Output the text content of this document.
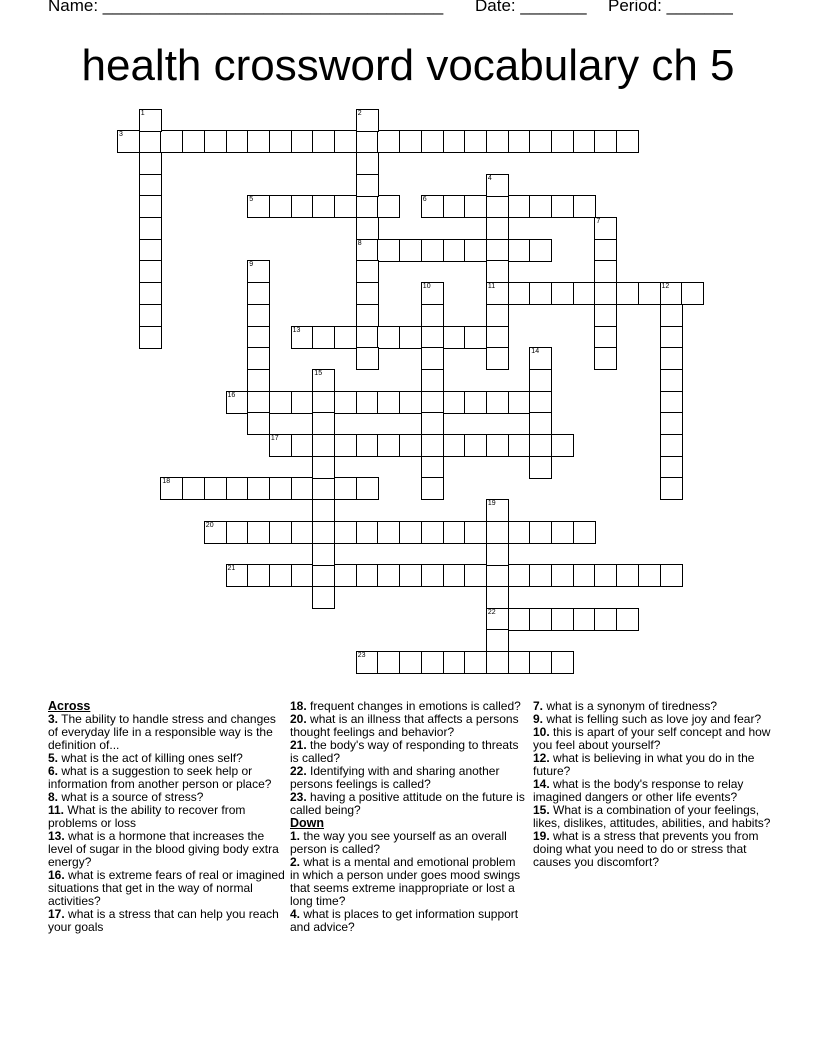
Name: ____________________________________ Date: _______ Period: _______
health crossword vocabulary ch 5
3
5	6
8
11	12
13
16
17
18
20
21
22
23
1	2
4
7
9
10
14
15
19

Across

3. The ability to handle stress and changes of everyday life in a responsible way is the definition of...

5. what is the act of killing ones self?

6. what is a suggestion to seek help or information from another person or place?

8. what is a source of stress?

11. What is the ability to recover from problems or loss

13. what is a hormone that increases the level of sugar in the blood giving body extra energy?

16. what is extreme fears of real or imagined situations that get in the way of normal activities?

17. what is a stress that can help you reach your goals

18. frequent changes in emotions is called?

20. what is an illness that affects a persons thought feelings and behavior?

21. the body's way of responding to threats is called?

22. Identifying with and sharing another persons feelings is called?

23. having a positive attitude on the future is called being?

Down

1. the way you see yourself as an overall person is called?

2. what is a mental and emotional problem in which a person under goes mood swings that seems extreme inappropriate or lost a long time?

4. what is places to get information support and advice?

7. what is a synonym of tiredness?

9. what is felling such as love joy and fear?

10. this is apart of your self concept and how you feel about yourself?

12. what is believing in what you do in the future?

14. what is the body's response to relay imagined dangers or other life events?

15. What is a combination of your feelings, likes, dislikes, attitudes, abilities, and habits?

19. what is a stress that prevents you from doing what you need to do or stress that causes you discomfort?
